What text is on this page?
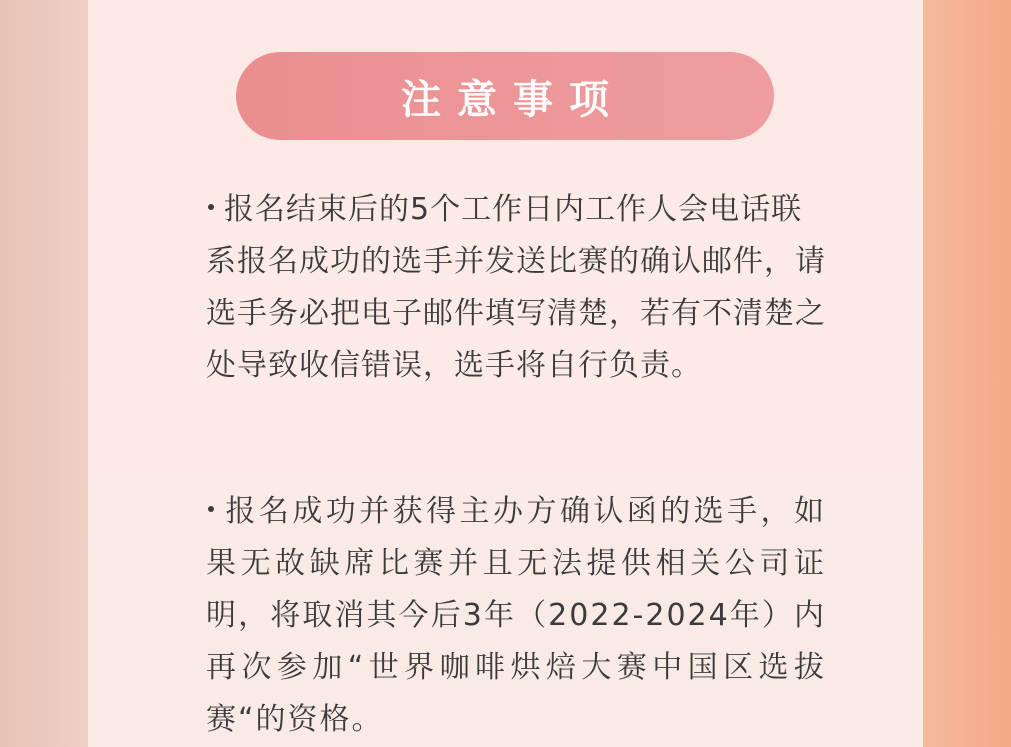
注意事项

报名结束后的5个工作日内工作人会电话联系报名成功的选手并发送比赛的确认邮件，请选手务必把电子邮件填写清楚，若有不清楚之处导致收信错误，选手将自行负责。

报名成功并获得主办方确认函的选手，如果无故缺席比赛并且无法提供相关公司证明，将取消其今后3年（2022-2024年）内再次参加“世界咖啡烘焙大赛中国区选拔赛“的资格。
